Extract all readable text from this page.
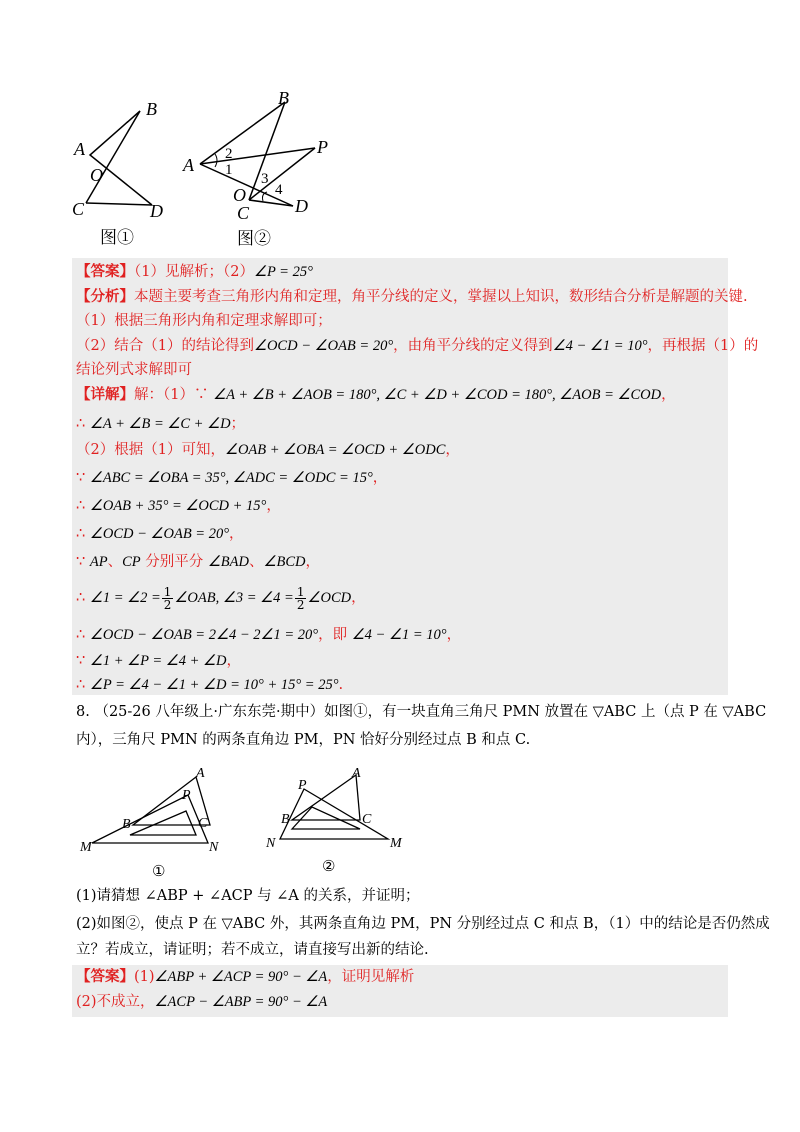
B
A
O
C	D
图①
B
P
A
O
C	D
1
2
3
4
图②
【答案】（1）见解析；（2）∠P = 25°
【分析】本题主要考查三角形内角和定理，角平分线的定义，掌握以上知识，数形结合分析是解题的关键.
（1）根据三角形内角和定理求解即可；
（2）结合（1）的结论得到∠OCD − ∠OAB = 20°，由角平分线的定义得到∠4 − ∠1 = 10°，再根据（1）的
结论列式求解即可
【详解】解：（1）∵ ∠A + ∠B + ∠AOB = 180°, ∠C + ∠D + ∠COD = 180°, ∠AOB = ∠COD，
∴ ∠A + ∠B = ∠C + ∠D；
（2）根据（1）可知，∠OAB + ∠OBA = ∠OCD + ∠ODC，
∵ ∠ABC = ∠OBA = 35°, ∠ADC = ∠ODC = 15°，
∴ ∠OAB + 35° = ∠OCD + 15°，
∴ ∠OCD − ∠OAB = 20°，
∵ AP、CP 分别平分 ∠BAD、∠BCD，
∴ ∠1 = ∠2 = $\frac{1}{2}$ ∠OAB, ∠3 = ∠4 = $\frac{1}{2}$ ∠OCD，
∴ ∠OCD − ∠OAB = 2∠4 − 2∠1 = 20°，即 ∠4 − ∠1 = 10°，
∵ ∠1 + ∠P = ∠4 + ∠D，
∴ ∠P = ∠4 − ∠1 + ∠D = 10° + 15° = 25°.
8. （25-26 八年级上·广东东莞·期中）如图①，有一块直角三角尺 PMN 放置在 ▽ABC 上（点 P 在 ▽ABC
内），三角尺 PMN 的两条直角边 PM，PN 恰好分别经过点 B 和点 C.
A
P
B	C
M	N
①
A
P
B	C
N	M
②
(1)请猜想 ∠ABP + ∠ACP 与 ∠A 的关系，并证明；
(2)如图②，使点 P 在 ▽ABC 外，其两条直角边 PM，PN 分别经过点 C 和点 B，（1）中的结论是否仍然成
立？若成立，请证明；若不成立，请直接写出新的结论.
【答案】(1)∠ABP + ∠ACP = 90° − ∠A，证明见解析
(2)不成立，∠ACP − ∠ABP = 90° − ∠A
